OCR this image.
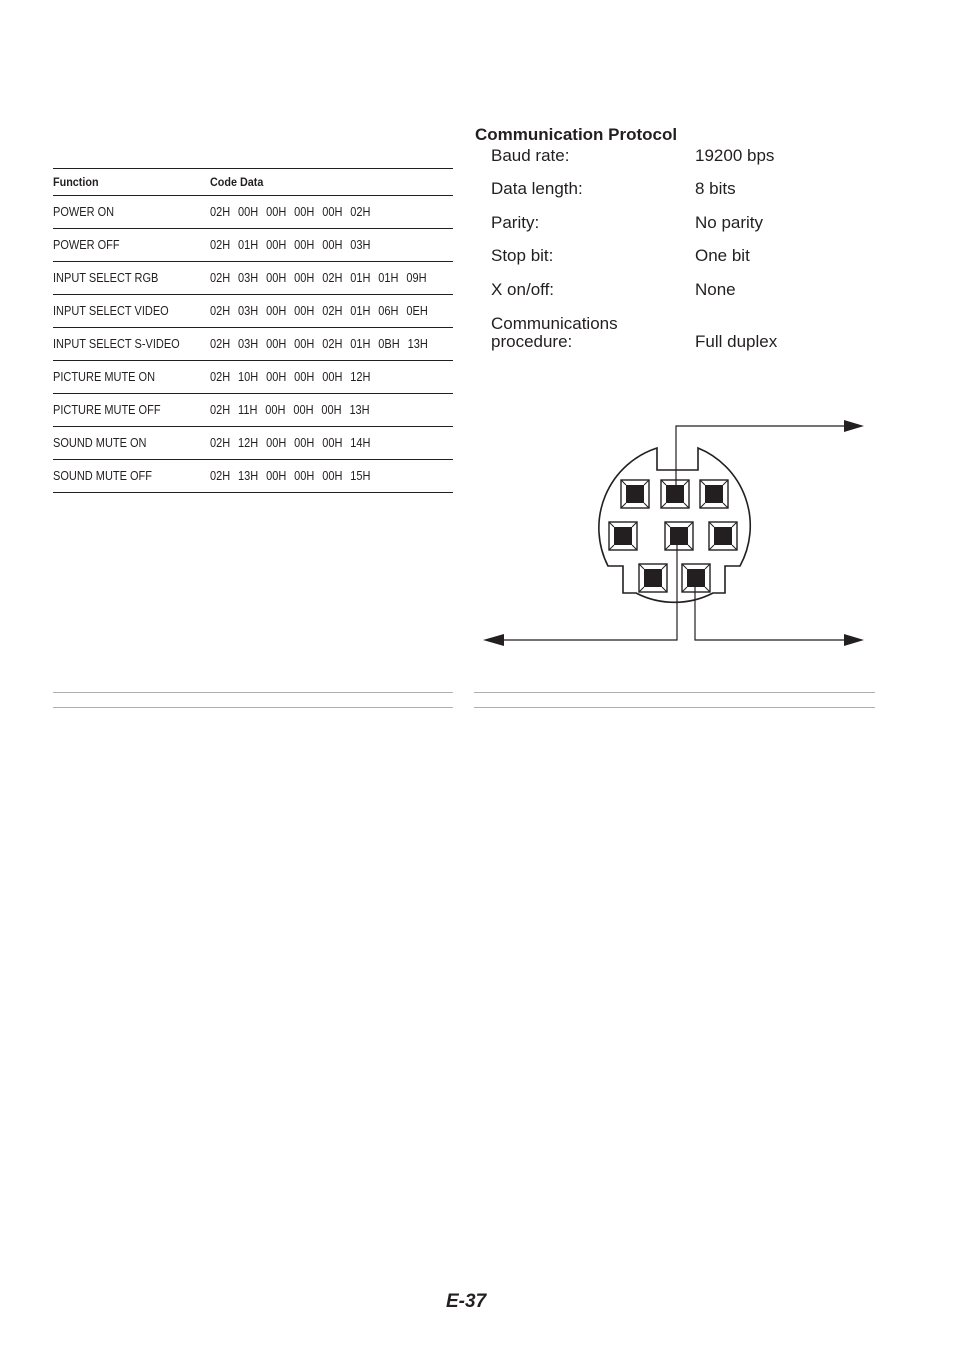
Function	Code Data
POWER ON	02H  00H  00H  00H  00H  02H
POWER OFF	02H  01H  00H  00H  00H  03H
INPUT SELECT RGB	02H  03H  00H  00H  02H  01H  01H  09H
INPUT SELECT VIDEO	02H  03H  00H  00H  02H  01H  06H  0EH
INPUT SELECT S-VIDEO	02H  03H  00H  00H  02H  01H  0BH  13H
PICTURE MUTE ON	02H  10H  00H  00H  00H  12H
PICTURE MUTE OFF	02H  11H  00H  00H  00H  13H
SOUND MUTE ON	02H  12H  00H  00H  00H  14H
SOUND MUTE OFF	02H  13H  00H  00H  00H  15H
Communication Protocol
Baud rate:	19200 bps
Data length:	8 bits
Parity:	No parity
Stop bit:	One bit
X on/off:	None
Communications
procedure:	Full duplex
E-37
